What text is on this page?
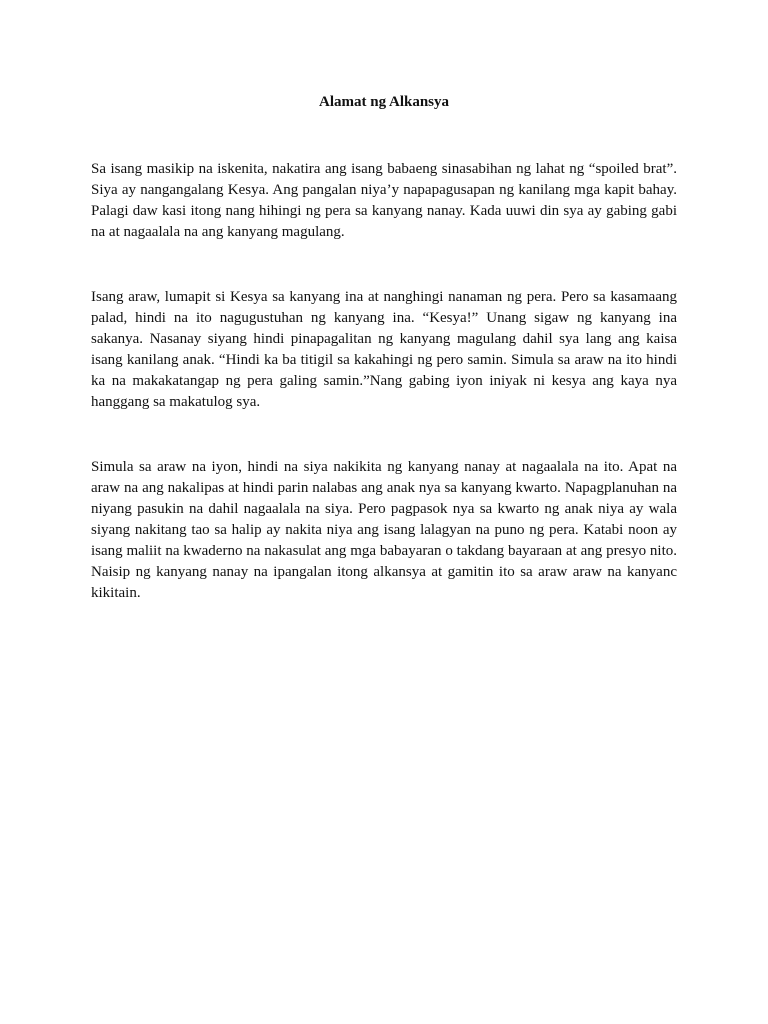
Alamat ng Alkansya

Sa isang masikip na iskenita, nakatira ang isang babaeng sinasabihan ng lahat ng “spoiled brat”. Siya ay nangangalang Kesya. Ang pangalan niya’y napapagusapan ng kanilang mga kapit bahay. Palagi daw kasi itong nang hihingi ng pera sa kanyang nanay. Kada uuwi din sya ay gabing gabi na at nagaalala na ang kanyang magulang.

Isang araw, lumapit si Kesya sa kanyang ina at nanghingi nanaman ng pera. Pero sa kasamaang palad, hindi na ito nagugustuhan ng kanyang ina. “Kesya!” Unang sigaw ng kanyang ina sakanya. Nasanay siyang hindi pinapagalitan ng kanyang magulang dahil sya lang ang kaisa isang kanilang anak. “Hindi ka ba titigil sa kakahingi ng pero samin. Simula sa araw na ito hindi ka na makakatangap ng pera galing samin.”Nang gabing iyon iniyak ni kesya ang kaya nya hanggang sa makatulog sya.

Simula sa araw na iyon, hindi na siya nakikita ng kanyang nanay at nagaalala na ito. Apat na araw na ang nakalipas at hindi parin nalabas ang anak nya sa kanyang kwarto. Napagplanuhan na niyang pasukin na dahil nagaalala na siya. Pero pagpasok nya sa kwarto ng anak niya ay wala siyang nakitang tao sa halip ay nakita niya ang isang lalagyan na puno ng pera. Katabi noon ay isang maliit na kwaderno na nakasulat ang mga babayaran o takdang bayaraan at ang presyo nito. Naisip ng kanyang nanay na ipangalan itong alkansya at gamitin ito sa araw araw na kanyanc kikitain.
